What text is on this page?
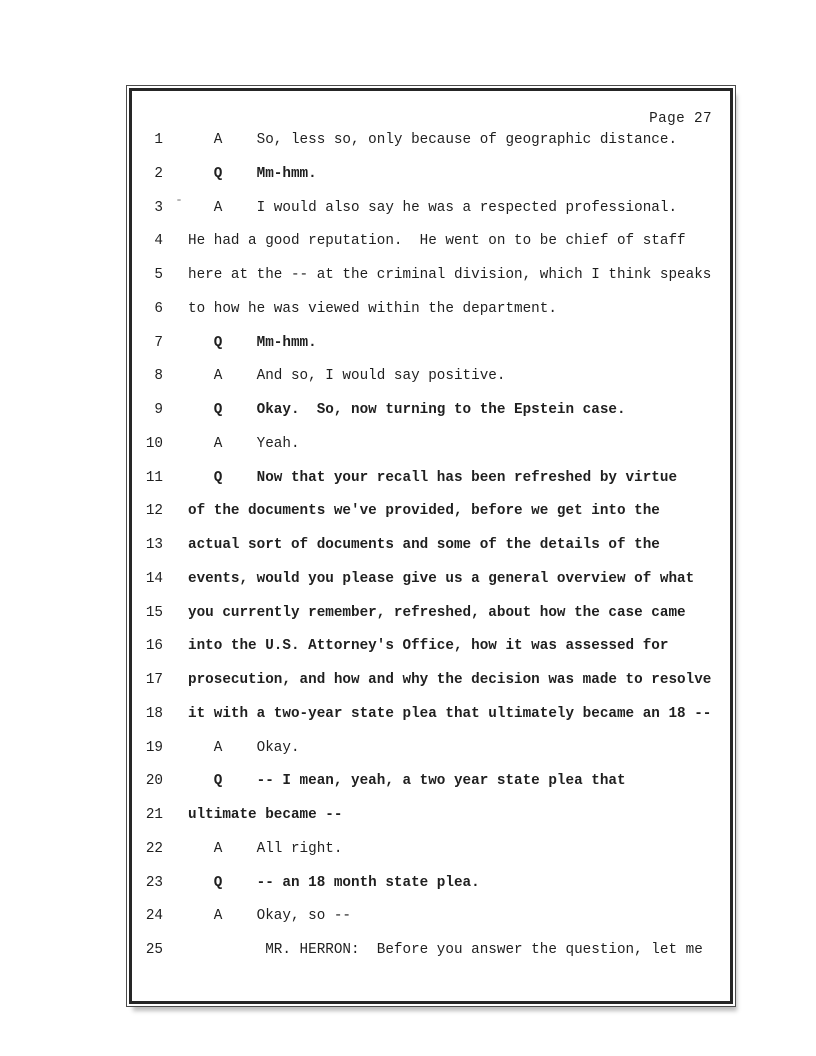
Page 27
1	A    So, less so, only because of geographic distance.
2	Q    Mm-hmm.
3	A    I would also say he was a respected professional.
4	He had a good reputation.  He went on to be chief of staff
5	here at the -- at the criminal division, which I think speaks
6	to how he was viewed within the department.
7	Q    Mm-hmm.
8	A    And so, I would say positive.
9	Q    Okay.  So, now turning to the Epstein case.
10	A    Yeah.
11	Q    Now that your recall has been refreshed by virtue
12	of the documents we've provided, before we get into the
13	actual sort of documents and some of the details of the
14	events, would you please give us a general overview of what
15	you currently remember, refreshed, about how the case came
16	into the U.S. Attorney's Office, how it was assessed for
17	prosecution, and how and why the decision was made to resolve
18	it with a two-year state plea that ultimately became an 18 --
19	A    Okay.
20	Q    -- I mean, yeah, a two year state plea that
21	ultimate became --
22	A    All right.
23	Q    -- an 18 month state plea.
24	A    Okay, so --
25	MR. HERRON:  Before you answer the question, let me
